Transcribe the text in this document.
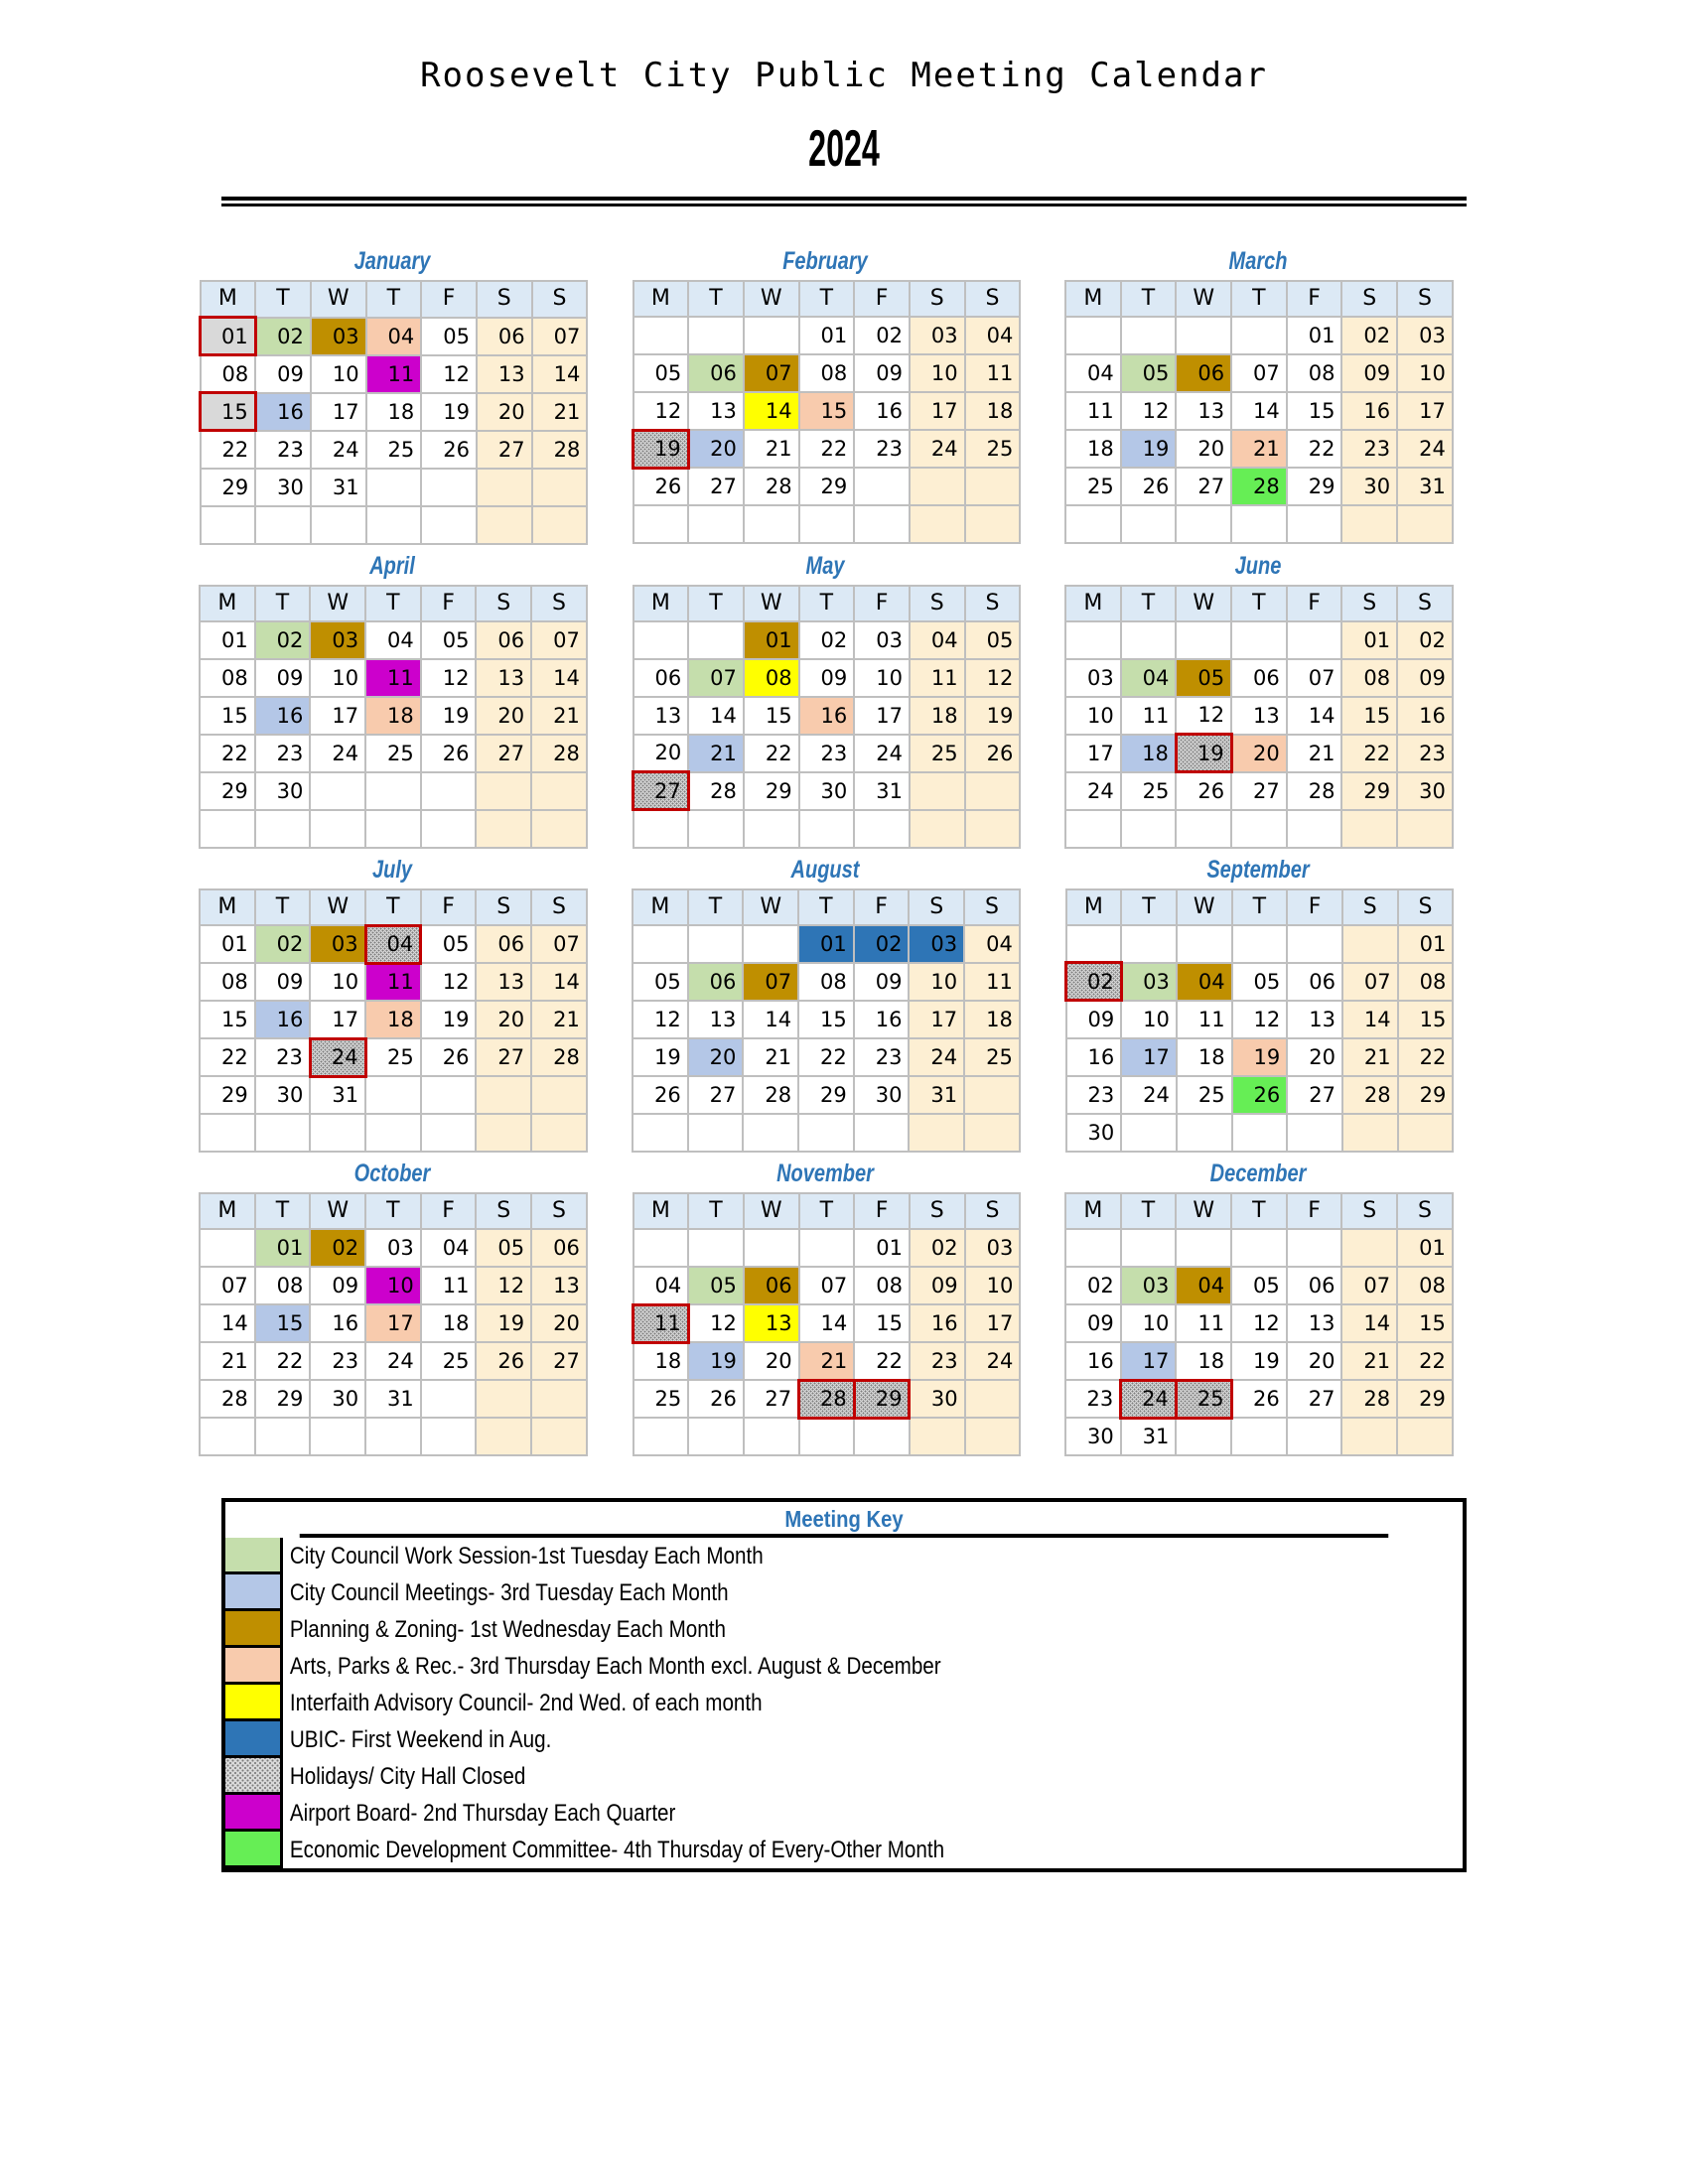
Roosevelt City Public Meeting Calendar
2024
January
M	T	W	T	F	S	S
01	02	03	04	05	06	07
08	09	10	11	12	13	14
15	16	17	18	19	20	21
22	23	24	25	26	27	28
29	30	31				

February
M	T	W	T	F	S	S
			01	02	03	04
05	06	07	08	09	10	11
12	13	14	15	16	17	18
19	20	21	22	23	24	25
26	27	28	29			

March
M	T	W	T	F	S	S
				01	02	03
04	05	06	07	08	09	10
11	12	13	14	15	16	17
18	19	20	21	22	23	24
25	26	27	28	29	30	31

April
M	T	W	T	F	S	S
01	02	03	04	05	06	07
08	09	10	11	12	13	14
15	16	17	18	19	20	21
22	23	24	25	26	27	28
29	30					

May
M	T	W	T	F	S	S
		01	02	03	04	05
06	07	08	09	10	11	12
13	14	15	16	17	18	19
20	21	22	23	24	25	26
27	28	29	30	31		

June
M	T	W	T	F	S	S
					01	02
03	04	05	06	07	08	09
10	11	12	13	14	15	16
17	18	19	20	21	22	23
24	25	26	27	28	29	30

July
M	T	W	T	F	S	S
01	02	03	04	05	06	07
08	09	10	11	12	13	14
15	16	17	18	19	20	21
22	23	24	25	26	27	28
29	30	31				

August
M	T	W	T	F	S	S
			01	02	03	04
05	06	07	08	09	10	11
12	13	14	15	16	17	18
19	20	21	22	23	24	25
26	27	28	29	30	31	

September
M	T	W	T	F	S	S
						01
02	03	04	05	06	07	08
09	10	11	12	13	14	15
16	17	18	19	20	21	22
23	24	25	26	27	28	29
30						
October
M	T	W	T	F	S	S
	01	02	03	04	05	06
07	08	09	10	11	12	13
14	15	16	17	18	19	20
21	22	23	24	25	26	27
28	29	30	31			

November
M	T	W	T	F	S	S
				01	02	03
04	05	06	07	08	09	10
11	12	13	14	15	16	17
18	19	20	21	22	23	24
25	26	27	28	29	30	

December
M	T	W	T	F	S	S
						01
02	03	04	05	06	07	08
09	10	11	12	13	14	15
16	17	18	19	20	21	22
23	24	25	26	27	28	29
30	31					
Meeting Key
City Council Work Session-1st Tuesday Each Month
City Council Meetings- 3rd Tuesday Each Month
Planning & Zoning- 1st Wednesday Each Month
Arts, Parks & Rec.- 3rd Thursday Each Month excl. August & December
Interfaith Advisory Council- 2nd Wed. of each month
UBIC- First Weekend in Aug.
Holidays/ City Hall Closed
Airport Board- 2nd Thursday Each Quarter
Economic Development Committee- 4th Thursday of Every-Other Month
